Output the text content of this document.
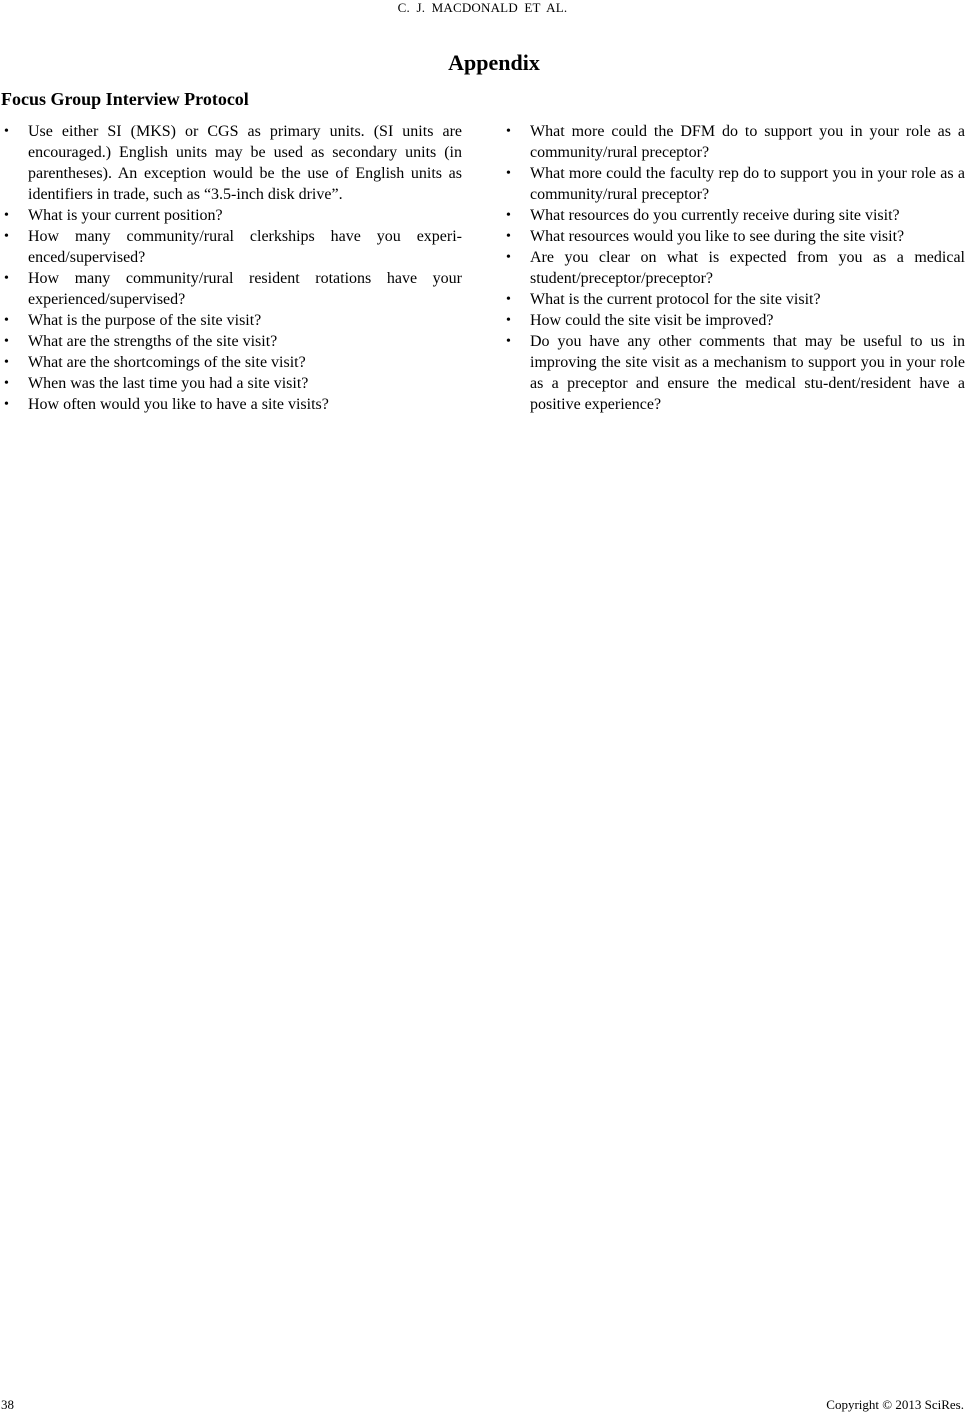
C. J. MACDONALD ET AL.
Appendix
Focus Group Interview Protocol
• Use either SI (MKS) or CGS as primary units. (SI units are encouraged.) English units may be used as secondary units (in parentheses). An exception would be the use of English units as identifiers in trade, such as “3.5-inch disk drive”.
• What is your current position?
• How many community/rural clerkships have you experi-enced/supervised?
• How many community/rural resident rotations have your experienced/supervised?
• What is the purpose of the site visit?
• What are the strengths of the site visit?
• What are the shortcomings of the site visit?
• When was the last time you had a site visit?
• How often would you like to have a site visits?
• What more could the DFM do to support you in your role as a community/rural preceptor?
• What more could the faculty rep do to support you in your role as a community/rural preceptor?
• What resources do you currently receive during site visit?
• What resources would you like to see during the site visit?
• Are you clear on what is expected from you as a medical student/preceptor/preceptor?
• What is the current protocol for the site visit?
• How could the site visit be improved?
• Do you have any other comments that may be useful to us in improving the site visit as a mechanism to support you in your role as a preceptor and ensure the medical stu-dent/resident have a positive experience?
38	Copyright © 2013 SciRes.
